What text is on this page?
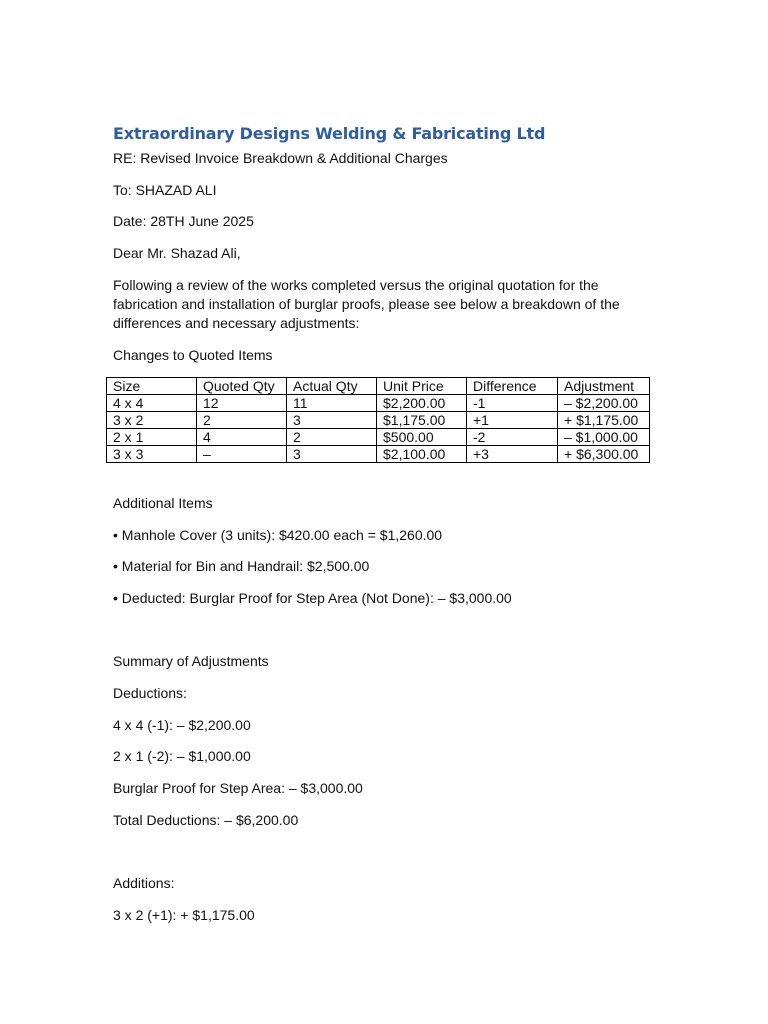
Extraordinary Designs Welding & Fabricating Ltd
RE: Revised Invoice Breakdown & Additional Charges
To: SHAZAD ALI
Date: 28TH June 2025
Dear Mr. Shazad Ali,
Following a review of the works completed versus the original quotation for the fabrication and installation of burglar proofs, please see below a breakdown of the differences and necessary adjustments:
Changes to Quoted Items
Size	Quoted Qty	Actual Qty	Unit Price	Difference	Adjustment
4 x 4	12	11	$2,200.00	-1	– $2,200.00
3 x 2	2	3	$1,175.00	+1	+ $1,175.00
2 x 1	4	2	$500.00	-2	– $1,000.00
3 x 3	–	3	$2,100.00	+3	+ $6,300.00
Additional Items
• Manhole Cover (3 units): $420.00 each = $1,260.00
• Material for Bin and Handrail: $2,500.00
• Deducted: Burglar Proof for Step Area (Not Done): – $3,000.00
Summary of Adjustments
Deductions:
4 x 4 (-1): – $2,200.00
2 x 1 (-2): – $1,000.00
Burglar Proof for Step Area: – $3,000.00
Total Deductions: – $6,200.00
Additions:
3 x 2 (+1): + $1,175.00
